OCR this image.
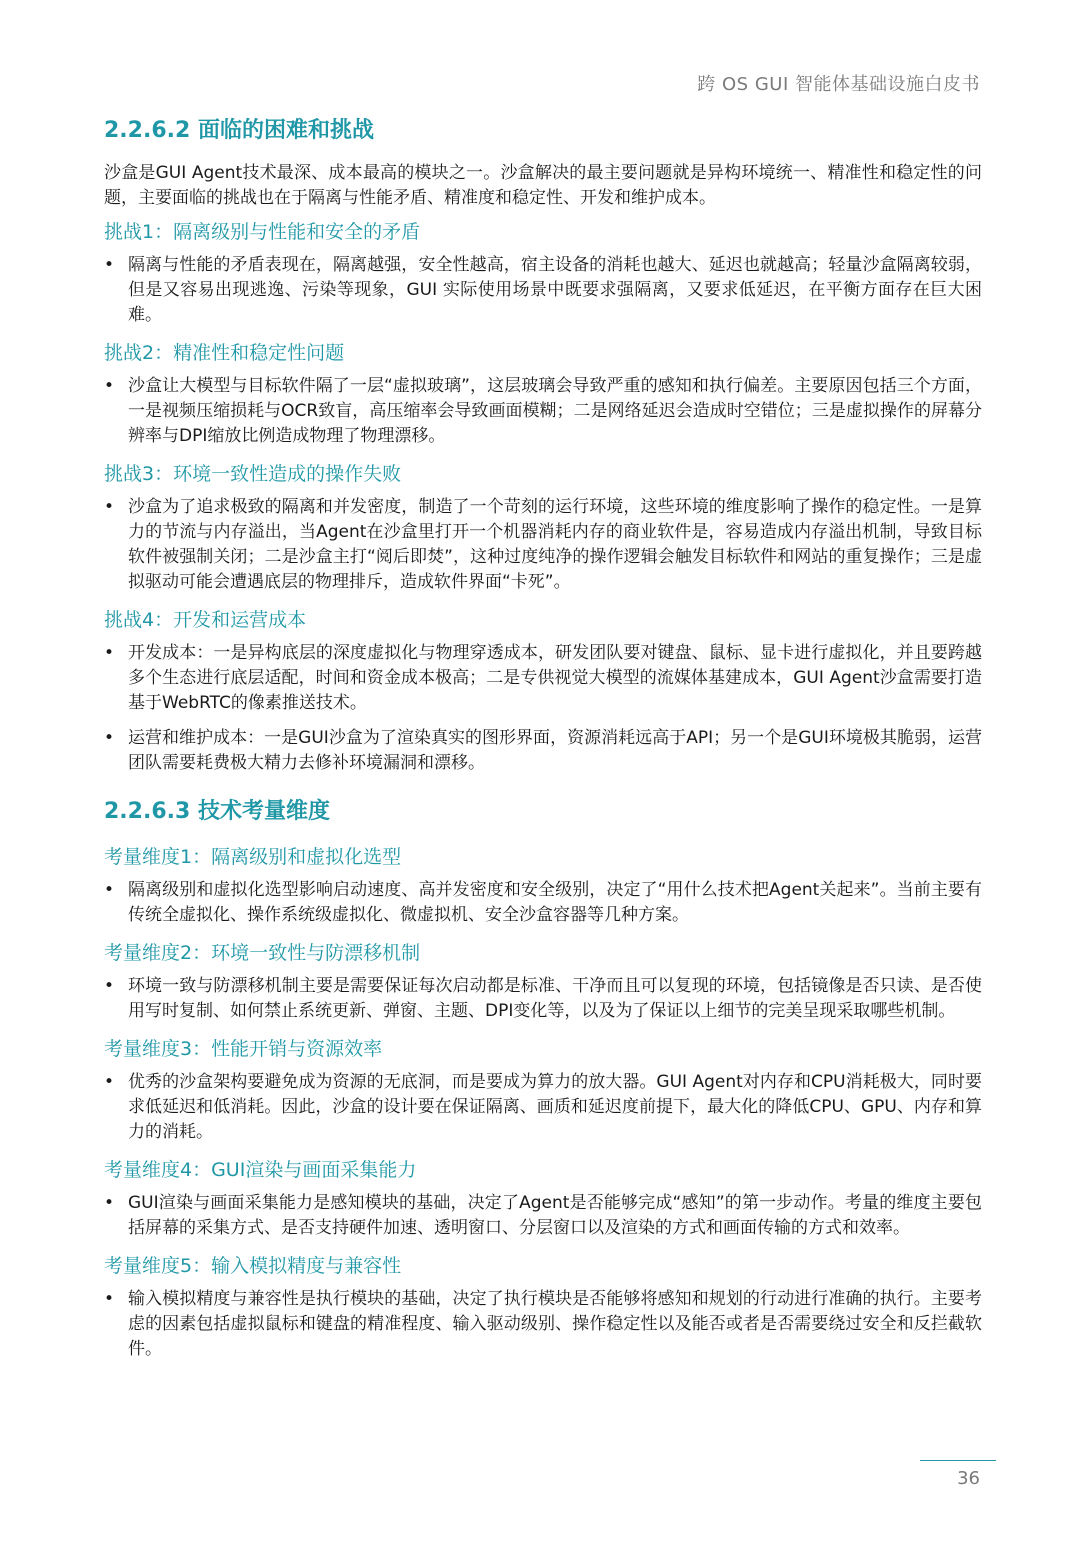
跨 OS GUI 智能体基础设施白皮书
2.2.6.2 面临的困难和挑战

沙盒是GUI Agent技术最深、成本最高的模块之一。沙盒解决的最主要问题就是异构环境统一、精准性和稳定性的问题，主要面临的挑战也在于隔离与性能矛盾、精准度和稳定性、开发和维护成本。

挑战1：隔离级别与性能和安全的矛盾
• 隔离与性能的矛盾表现在，隔离越强，安全性越高，宿主设备的消耗也越大、延迟也就越高；轻量沙盒隔离较弱，但是又容易出现逃逸、污染等现象，GUI 实际使用场景中既要求强隔离，又要求低延迟，在平衡方面存在巨大困难。
挑战2：精准性和稳定性问题
• 沙盒让大模型与目标软件隔了一层“虚拟玻璃”，这层玻璃会导致严重的感知和执行偏差。主要原因包括三个方面，一是视频压缩损耗与OCR致盲，高压缩率会导致画面模糊；二是网络延迟会造成时空错位；三是虚拟操作的屏幕分辨率与DPI缩放比例造成物理了物理漂移。
挑战3：环境一致性造成的操作失败
• 沙盒为了追求极致的隔离和并发密度，制造了一个苛刻的运行环境，这些环境的维度影响了操作的稳定性。一是算力的节流与内存溢出，当Agent在沙盒里打开一个机器消耗内存的商业软件是，容易造成内存溢出机制，导致目标软件被强制关闭；二是沙盒主打“阅后即焚”，这种过度纯净的操作逻辑会触发目标软件和网站的重复操作；三是虚拟驱动可能会遭遇底层的物理排斥，造成软件界面“卡死”。
挑战4：开发和运营成本
• 开发成本：一是异构底层的深度虚拟化与物理穿透成本，研发团队要对键盘、鼠标、显卡进行虚拟化，并且要跨越多个生态进行底层适配，时间和资金成本极高；二是专供视觉大模型的流媒体基建成本，GUI Agent沙盒需要打造基于WebRTC的像素推送技术。
• 运营和维护成本：一是GUI沙盒为了渲染真实的图形界面，资源消耗远高于API；另一个是GUI环境极其脆弱，运营团队需要耗费极大精力去修补环境漏洞和漂移。
2.2.6.3 技术考量维度
考量维度1：隔离级别和虚拟化选型
• 隔离级别和虚拟化选型影响启动速度、高并发密度和安全级别，决定了“用什么技术把Agent关起来”。当前主要有传统全虚拟化、操作系统级虚拟化、微虚拟机、安全沙盒容器等几种方案。
考量维度2：环境一致性与防漂移机制
• 环境一致与防漂移机制主要是需要保证每次启动都是标准、干净而且可以复现的环境，包括镜像是否只读、是否使用写时复制、如何禁止系统更新、弹窗、主题、DPI变化等，以及为了保证以上细节的完美呈现采取哪些机制。
考量维度3：性能开销与资源效率
• 优秀的沙盒架构要避免成为资源的无底洞，而是要成为算力的放大器。GUI Agent对内存和CPU消耗极大，同时要求低延迟和低消耗。因此，沙盒的设计要在保证隔离、画质和延迟度前提下，最大化的降低CPU、GPU、内存和算力的消耗。
考量维度4：GUI渲染与画面采集能力
• GUI渲染与画面采集能力是感知模块的基础，决定了Agent是否能够完成“感知”的第一步动作。考量的维度主要包括屏幕的采集方式、是否支持硬件加速、透明窗口、分层窗口以及渲染的方式和画面传输的方式和效率。
考量维度5：输入模拟精度与兼容性
• 输入模拟精度与兼容性是执行模块的基础，决定了执行模块是否能够将感知和规划的行动进行准确的执行。主要考虑的因素包括虚拟鼠标和键盘的精准程度、输入驱动级别、操作稳定性以及能否或者是否需要绕过安全和反拦截软件。
36
